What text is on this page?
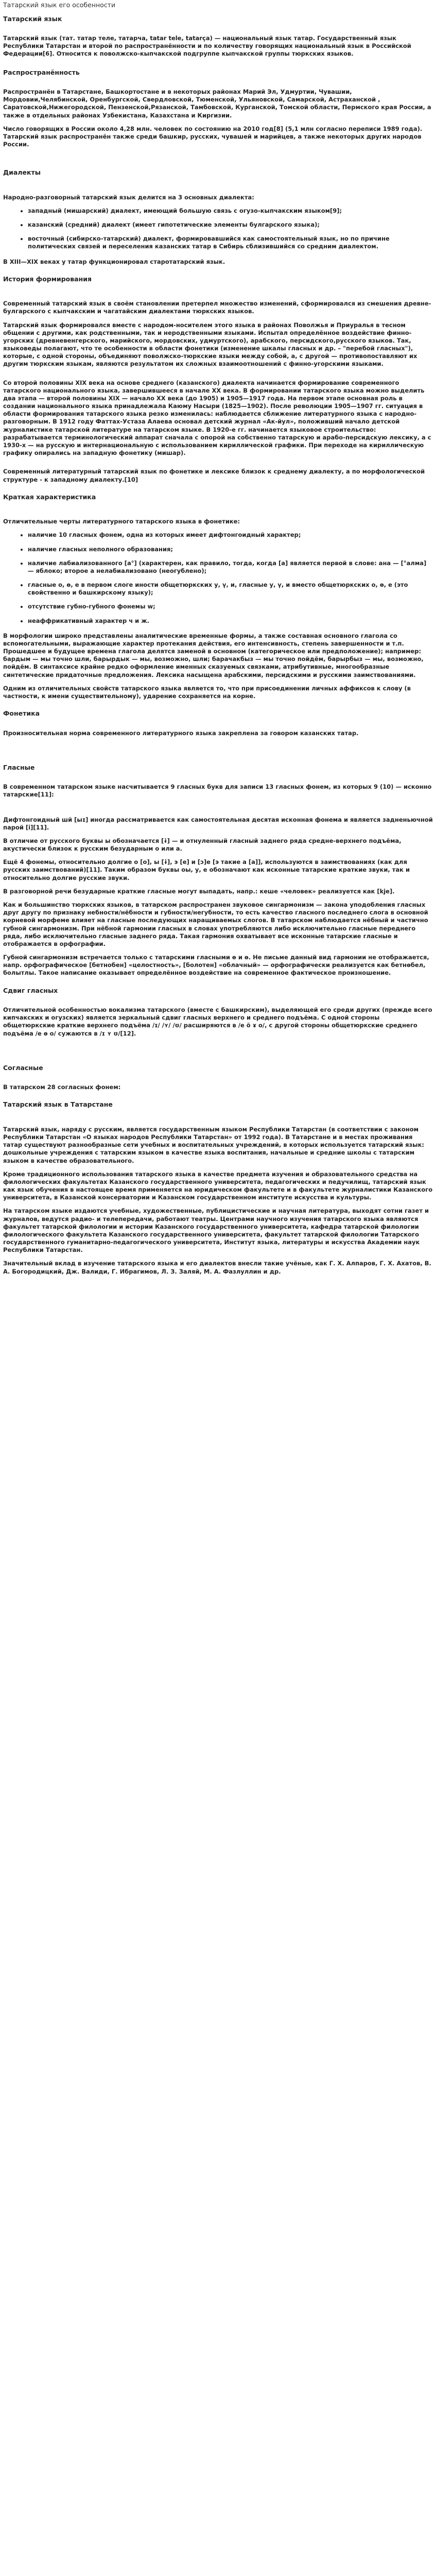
Татарский язык его особенности
Татарский язык

Татарский язык (тат. татар теле, татарча, tatar tele, tatarça) — национальный язык татар. Государственный язык Республики Татарстан и второй по распространённости и по количеству говорящих национальный язык в Российской Федерации[6]. Относится к поволжско-кыпчакской подгруппе кыпчакской группы тюркских языков.

Распространённость

Распространён в Татарстане, Башкортостане и в некоторых районах Марий Эл, Удмуртии, Чувашии, Мордовии,Челябинской, Оренбургской, Свердловской, Тюменской, Ульяновской, Самарской, Астраханской , Саратовской,Нижегородской, Пензенской,Рязанской, Тамбовской, Курганской, Томской области, Пермского края России, а также в отдельных районах Узбекистана, Казахстана и Киргизии.

Число говорящих в России около 4,28 млн. человек по состоянию на 2010 год[8] (5,1 млн согласно переписи 1989 года). Татарский язык распространён также среди башкир, русских, чувашей и марийцев, а также некоторых других народов России.

Диалекты

Народно-разговорный татарский язык делится на 3 основных диалекта:

• западный (мишарский) диалект, имеющий большую связь с огузо-кыпчакским языком[9];
• казанский (средний) диалект (имеет гипотетические элементы булгарского языка);
• восточный (сибирско-татарский) диалект, формировавшийся как самостоятельный язык, но по причине политических связей и переселения казанских татар в Сибирь сблизившийся со средним диалектом.

В XIII—XIX веках у татар функционировал старотатарский язык.

История формирования

Современный татарский язык в своём становлении претерпел множество изменений, сформировался из смешения древне-булгарского с кыпчакским и чагатайским диалектами тюркских языков.

Татарский язык формировался вместе с народом-носителем этого языка в районах Поволжья и Приуралья в тесном общении с другими, как родственными, так и неродственными языками. Испытал определённое воздействие финно-угорских (древневенгерского, марийского, мордовских, удмуртского), арабского, персидского,русского языков. Так, языковеды полагают, что те особенности в области фонетики (изменение шкалы гласных и др. – "перебой гласных"), которые, с одной стороны, объединяют поволжско-тюркские языки между собой, а, с другой — противопоставляют их другим тюркским языкам, являются результатом их сложных взаимоотношений с финно-угорскими языками.

Со второй половины XIX века на основе среднего (казанского) диалекта начинается формирование современного татарского национального языка, завершившееся в начале XX века. В формировании татарского языка можно выделить два этапа — второй половины XIX — начало XX века (до 1905) и 1905—1917 года. На первом этапе основная роль в создании национального языка принадлежала Каюму Насыри (1825—1902). После революции 1905—1907 гг. ситуация в области формирования татарского языка резко изменилась: наблюдается сближение литературного языка с народно-разговорным. В 1912 году Фаттах-Устаза Алаева основал детский журнал «Ак-йул», положивший начало детской журналистике татарской литературе на татарском языке. В 1920-е гг. начинается языковое строительство: разрабатывается терминологический аппарат сначала с опорой на собственно татарскую и арабо-персидскую лексику, а с 1930-х — на русскую и интернациональную с использованием кириллической графики. При переходе на кириллическую графику опирались на западную фонетику (мишар).

Современный литературный татарский язык по фонетике и лексике близок к среднему диалекту, а по морфологической структуре - к западному диалекту.[10]

Краткая характеристика

Отличительные черты литературного татарского языка в фонетике:

• наличие 10 гласных фонем, одна из которых имеет дифтонгоидный характер;
• наличие гласных неполного образования;
• наличие лабиализованного [а°] (характерен, как правило, тогда, когда [а] является первой в слове: ана — [°алма] — яблоко; второе а нелабиализовано (неогублено);
• гласные о, ө, е в первом слоге иности общетюркских у, ү, и, гласные у, ү, и вместо общетюркских о, ө, е (это свойственно и башкирскому языку);
• отсутствие губно-губного фонемы w;
• неаффрикативный характер ч и ж.

В морфологии широко представлены аналитические временные формы, а также составная основного глагола со вспомогательными, выражающие характер протекания действия, его интенсивность, степень завершенности и т.п. Прошедшее и будущее времена глагола делятся заменой в основном (категорическое или предположение); например: бардым — мы точно шли, барырдык — мы, возможно, шли; барачакбыз — мы точно пойдём, барырбыз — мы, возможно, пойдём. В синтаксисе крайне редко оформление именных сказуемых связками, атрибутивные, многообразные синтетические придаточные предложения. Лексика насыщена арабскими, персидскими и русскими заимствованиями.

Одним из отличительных свойств татарского языка является то, что при присоединении личных аффиксов к слову (в частности, к имени существительному), ударение сохраняется на корне.

Фонетика

Произносительная норма современного литературного языка закреплена за говором казанских татар.

Гласные

В современном татарском языке насчитывается 9 гласных букв для записи 13 гласных фонем, из которых 9 (10) — исконно татарские[11]:

Дифтонгоидный шй [ыɪ] иногда рассматривается как самостоятельная десятая исконная фонема и является задненьючной парой [i][11].

В отличие от русского буквы ы обозначается [ɨ] — и отнуленный гласный заднего ряда средне-верхнего подъёма, акустически близок к русским безударным о или а.

Ещё 4 фонемы, относительно долгие о [o], ы [ɨ], э [e] и [ɔ]е [э такие а [a]], используются в заимствованиях (как для русских заимствований)[11]. Таким образом буквы оы, у, е обозначают как исконные татарские краткие звуки, так и относительно долгие русские звуки.

В разговорной речи безударные краткие гласные могут выпадать, напр.: кеше «человек» реализуется как [kjе].

Как и большинство тюркских языков, в татарском распространен звуковое сингармонизм — закона уподобления гласных друг другу по признаку небности/нёбности и губности/негубности, то есть качество гласного последнего слога в основной корневой морфеме влияет на гласные последующих наращиваемых слогов. В татарском наблюдается нёбный и частично губной сингармонизм. При нёбной гармонии гласных в словах употребляются либо исключительно гласные переднего ряда, либо исключительно гласные заднего ряда. Такая гармония охватывает все исконные татарские гласные и отображается в орфографии.

Губной сингармонизм встречается только с татарскими гласными ө и ө. Не письме данный вид гармонии не отображается, напр. орфографическое [бетнобен] «целостность», [болотен] «облачный» — орфографически реализуется как бетнөбел, болытлы. Такое написание оказывает определённое воздействие на современное фактическое произношение.

Сдвиг гласных

Отличительной особенностью вокализма татарского (вместе с башкирским), выделяющей его среди других (прежде всего кипчакских и огузских) является зеркальный сдвиг гласных верхнего и среднего подъёма. С одной стороны общетюркские краткие верхнего подъёма /ɪ/ /ʏ/ /ʊ/ расширяются в /е ö ɤ о/, с другой стороны общетюркские среднего подъёма /е ө о/ сужаются в /ɪ ʏ ʊ/[12].

Согласные

В татарском 28 согласных фонем:

Татарский язык в Татарстане

Татарский язык, наряду с русским, является государственным языком Республики Татарстан (в соответствии с законом Республики Татарстан «О языках народов Республики Татарстан» от 1992 года). В Татарстане и в местах проживания татар существуют разнообразные сети учебных и воспитательных учреждений, в которых используется татарский язык: дошкольные учреждения с татарским языком в качестве языка воспитания, начальные и средние школы с татарским языком в качестве образовательного.

Кроме традиционного использования татарского языка в качестве предмета изучения и образовательного средства на филологических факультетах Казанского государственного университета, педагогических и педучилищ, татарский язык как язык обучения в настоящее время применяется на юридическом факультете и в факультете журналистики Казанского университета, в Казанской консерватории и Казанском государственном институте искусства и культуры.

На татарском языке издаются учебные, художественные, публицистические и научная литература, выходят сотни газет и журналов, ведутся радио- и телепередачи, работают театры. Центрами научного изучения татарского языка являются факультет татарской филологии и истории Казанского государственного университета, кафедра татарской филологии филологического факультета Казанского государственного университета, факультет татарской филологии Татарского государственного гуманитарно-педагогического университета, Институт языка, литературы и искусства Академии наук Республики Татарстан.

Значительный вклад в изучение татарского языка и его диалектов внесли такие учёные, как Г. Х. Алпаров, Г. Х. Ахатов, В. А. Богородицкий, Дж. Валиди, Г. Ибрагимов, Л. З. Заляй, М. А. Фазлуллин и др.
